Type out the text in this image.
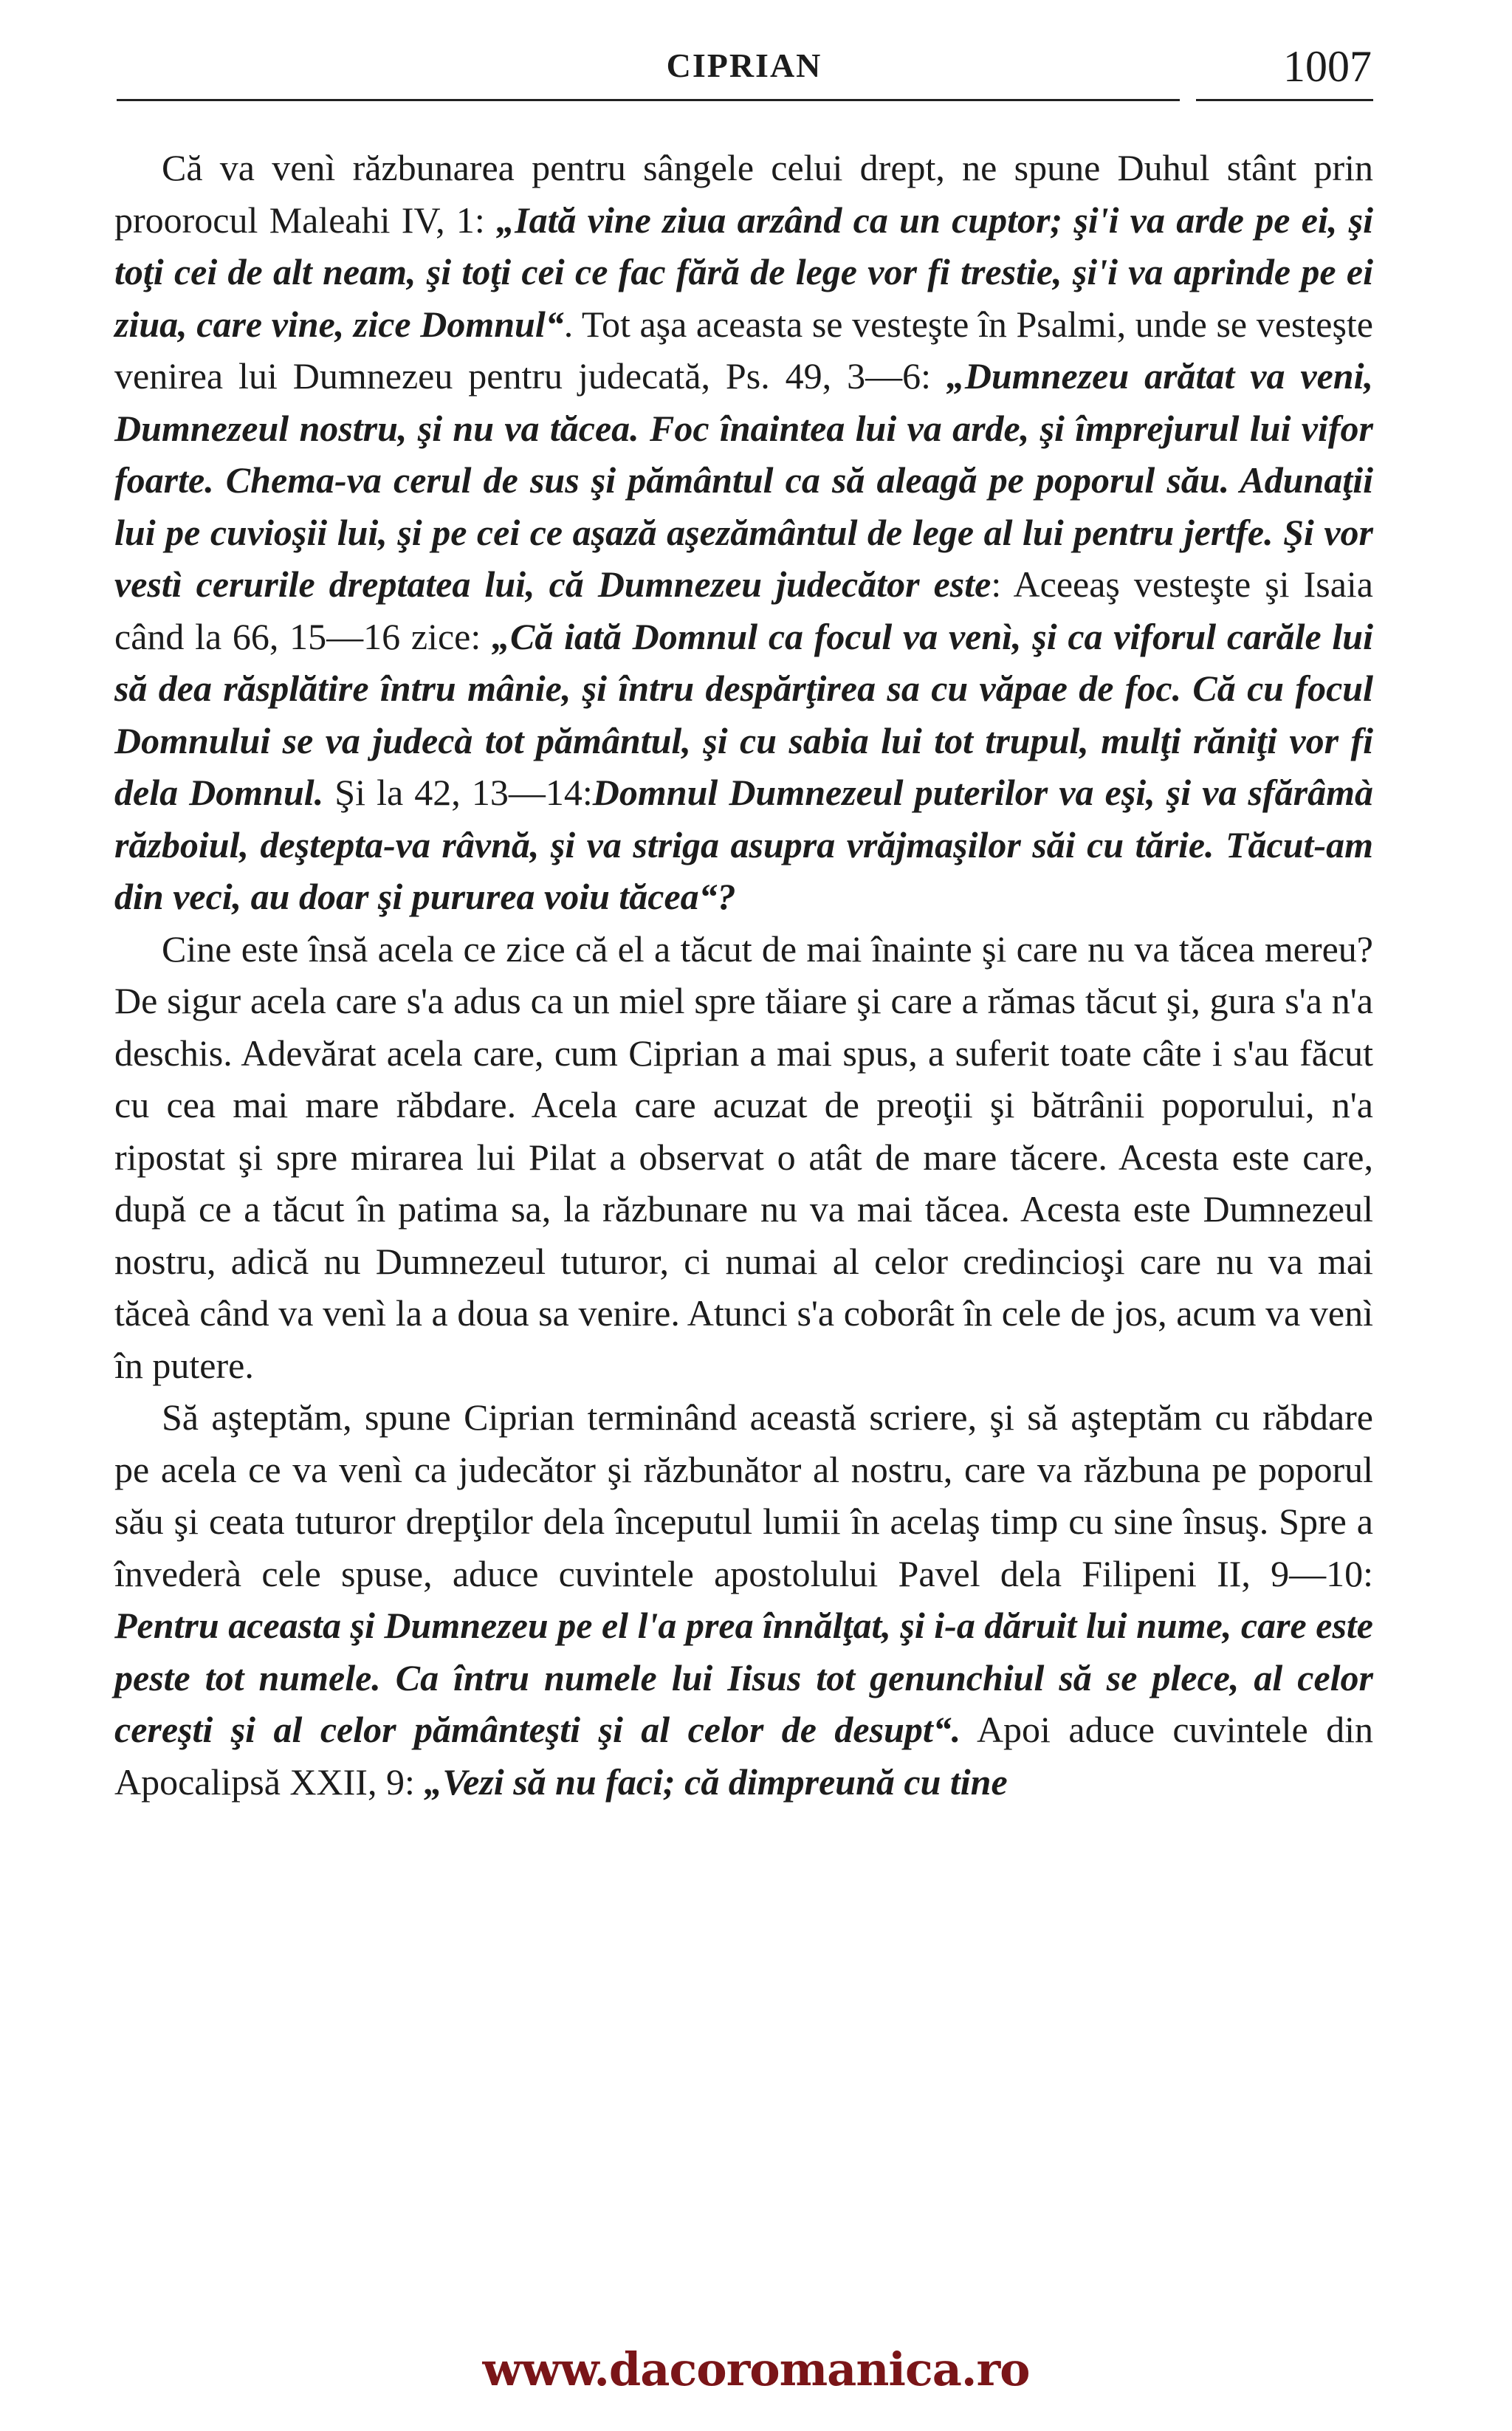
CIPRIAN	1007

Că va venì răzbunarea pentru sângele celui drept, ne spune Duhul stânt prin proorocul Maleahi IV, 1: „Iată vine ziua arzând ca un cuptor; şi'i va arde pe ei, şi toţi cei de alt neam, şi toţi cei ce fac fără de lege vor fi trestie, şi'i va aprinde pe ei ziua, care vine, zice Domnul“. Tot aşa aceasta se vesteşte în Psalmi, unde se vesteşte venirea lui Dumnezeu pentru judecată, Ps. 49, 3—6: „Dumnezeu arătat va veni, Dumnezeul nostru, şi nu va tăcea. Foc înaintea lui va arde, şi împrejurul lui vifor foarte. Chema-va cerul de sus şi pământul ca să aleagă pe poporul său. Adunaţii lui pe cuvioşii lui, şi pe cei ce aşază aşezământul de lege al lui pentru jertfe. Şi vor vestì cerurile dreptatea lui, că Dumnezeu judecător este: Aceeaş vesteşte şi Isaia când la 66, 15—16 zice: „Că iată Domnul ca focul va venì, şi ca viforul carăle lui să dea răsplătire întru mânie, şi întru despărţirea sa cu văpae de foc. Că cu focul Domnului se va judecà tot pământul, şi cu sabia lui tot trupul, mulţi răniţi vor fi dela Domnul. Şi la 42, 13—14:Domnul Dumnezeul puterilor va eşi, şi va sfărâmà războiul, deştepta-va râvnă, şi va striga asupra vrăjmaşilor săi cu tărie. Tăcut-am din veci, au doar şi pururea voiu tăcea“?

Cine este însă acela ce zice că el a tăcut de mai înainte şi care nu va tăcea mereu? De sigur acela care s'a adus ca un miel spre tăiare şi care a rămas tăcut şi, gura s'a n'a deschis. Adevărat acela care, cum Ciprian a mai spus, a suferit toate câte i s'au făcut cu cea mai mare răbdare. Acela care acuzat de preoţii şi bătrânii poporului, n'a ripostat şi spre mirarea lui Pilat a observat o atât de mare tăcere. Acesta este care, după ce a tăcut în patima sa, la răzbunare nu va mai tăcea. Acesta este Dumnezeul nostru, adică nu Dumnezeul tuturor, ci numai al celor credincioşi care nu va mai tăceà când va venì la a doua sa venire. Atunci s'a coborât în cele de jos, acum va venì în putere.

Să aşteptăm, spune Ciprian terminând această scriere, şi să aşteptăm cu răbdare pe acela ce va venì ca judecător şi răzbunător al nostru, care va răzbuna pe poporul său şi ceata tuturor drepţilor dela începutul lumii în acelaş timp cu sine însuş. Spre a învederà cele spuse, aduce cuvintele apostolului Pavel dela Filipeni II, 9—10: Pentru aceasta şi Dumnezeu pe el l'a prea înnălţat, şi i-a dăruit lui nume, care este peste tot numele. Ca întru numele lui Iisus tot genunchiul să se plece, al celor cereşti şi al celor pământeşti şi al celor de desupt“. Apoi aduce cuvintele din Apocalipsă XXII, 9: „Vezi să nu faci; că dimpreună cu tine

www.dacoromanica.ro
